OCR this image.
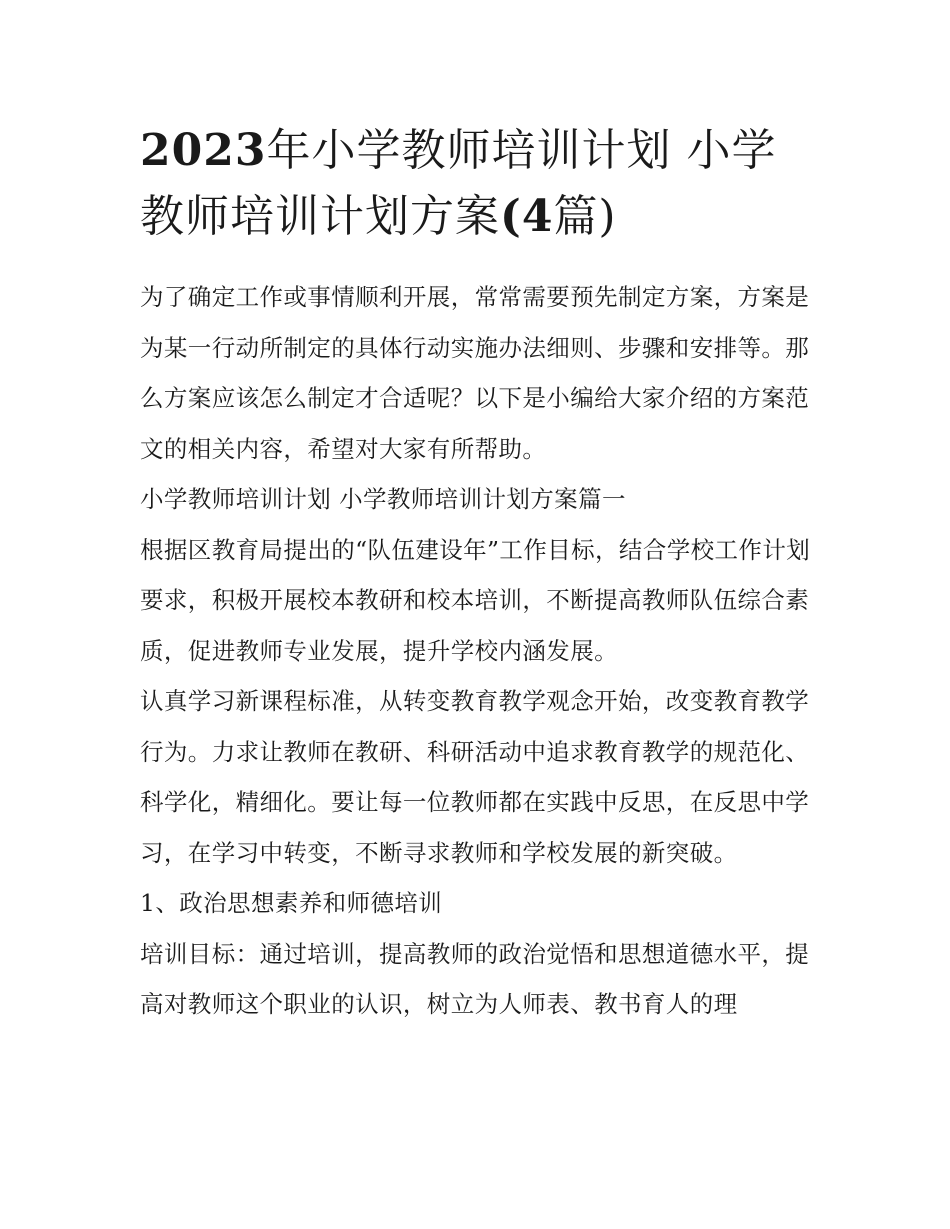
2023年小学教师培训计划 小学教师培训计划方案(4篇)

为了确定工作或事情顺利开展，常常需要预先制定方案，方案是为某一行动所制定的具体行动实施办法细则、步骤和安排等。那么方案应该怎么制定才合适呢？以下是小编给大家介绍的方案范文的相关内容，希望对大家有所帮助。

小学教师培训计划 小学教师培训计划方案篇一

根据区教育局提出的“队伍建设年”工作目标，结合学校工作计划要求，积极开展校本教研和校本培训，不断提高教师队伍综合素质，促进教师专业发展，提升学校内涵发展。

认真学习新课程标准，从转变教育教学观念开始，改变教育教学行为。力求让教师在教研、科研活动中追求教育教学的规范化、科学化，精细化。要让每一位教师都在实践中反思，在反思中学习，在学习中转变，不断寻求教师和学校发展的新突破。

1、政治思想素养和师德培训

培训目标：通过培训，提高教师的政治觉悟和思想道德水平，提高对教师这个职业的认识，树立为人师表、教书育人的理
